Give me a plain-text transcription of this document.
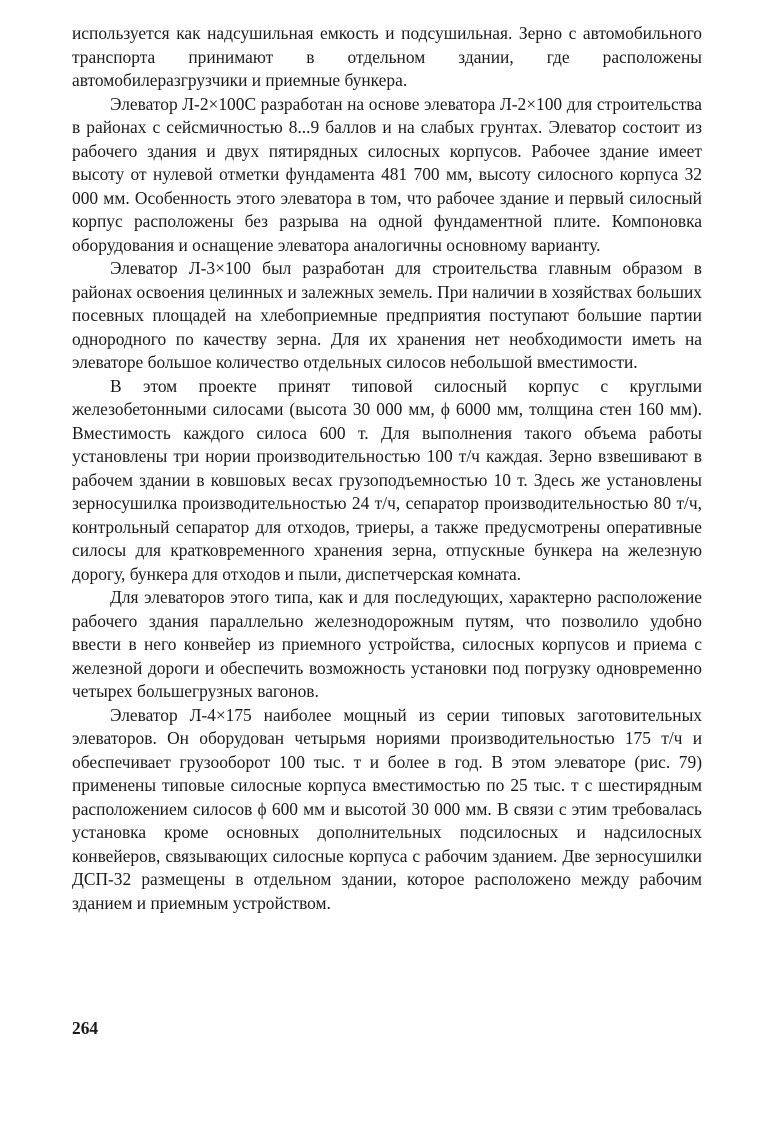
используется как надсушильная емкость и подсушильная. Зерно с автомобильного транспорта принимают в отдельном здании, где расположены автомобилеразгрузчики и приемные бункера.

Элеватор Л-2×100С разработан на основе элеватора Л-2×100 для строительства в районах с сейсмичностью 8...9 баллов и на слабых грунтах. Элеватор состоит из рабочего здания и двух пятирядных силосных корпусов. Рабочее здание имеет высоту от нулевой отметки фундамента 481 700 мм, высоту силосного корпуса 32 000 мм. Особенность этого элеватора в том, что рабочее здание и первый силосный корпус расположены без разрыва на одной фундаментной плите. Компоновка оборудования и оснащение элеватора аналогичны основному варианту.

Элеватор Л-3×100 был разработан для строительства главным образом в районах освоения целинных и залежных земель. При наличии в хозяйствах больших посевных площадей на хлебоприемные предприятия поступают большие партии однородного по качеству зерна. Для их хранения нет необходимости иметь на элеваторе большое количество отдельных силосов небольшой вместимости.

В этом проекте принят типовой силосный корпус с круглыми железобетонными силосами (высота 30 000 мм, ϕ 6000 мм, толщина стен 160 мм). Вместимость каждого силоса 600 т. Для выполнения такого объема работы установлены три нории производительностью 100 т/ч каждая. Зерно взвешивают в рабочем здании в ковшовых весах грузоподъемностью 10 т. Здесь же установлены зерносушилка производительностью 24 т/ч, сепаратор производительностью 80 т/ч, контрольный сепаратор для отходов, триеры, а также предусмотрены оперативные силосы для кратковременного хранения зерна, отпускные бункера на железную дорогу, бункера для отходов и пыли, диспетчерская комната.

Для элеваторов этого типа, как и для последующих, характерно расположение рабочего здания параллельно железнодорожным путям, что позволило удобно ввести в него конвейер из приемного устройства, силосных корпусов и приема с железной дороги и обеспечить возможность установки под погрузку одновременно четырех большегрузных вагонов.

Элеватор Л-4×175 наиболее мощный из серии типовых заготовительных элеваторов. Он оборудован четырьмя нориями производительностью 175 т/ч и обеспечивает грузооборот 100 тыс. т и более в год. В этом элеваторе (рис. 79) применены типовые силосные корпуса вместимостью по 25 тыс. т с шестирядным расположением силосов ϕ 600 мм и высотой 30 000 мм. В связи с этим требовалась установка кроме основных дополнительных подсилосных и надсилосных конвейеров, связывающих силосные корпуса с рабочим зданием. Две зерносушилки ДСП-32 размещены в отдельном здании, которое расположено между рабочим зданием и приемным устройством.

264
